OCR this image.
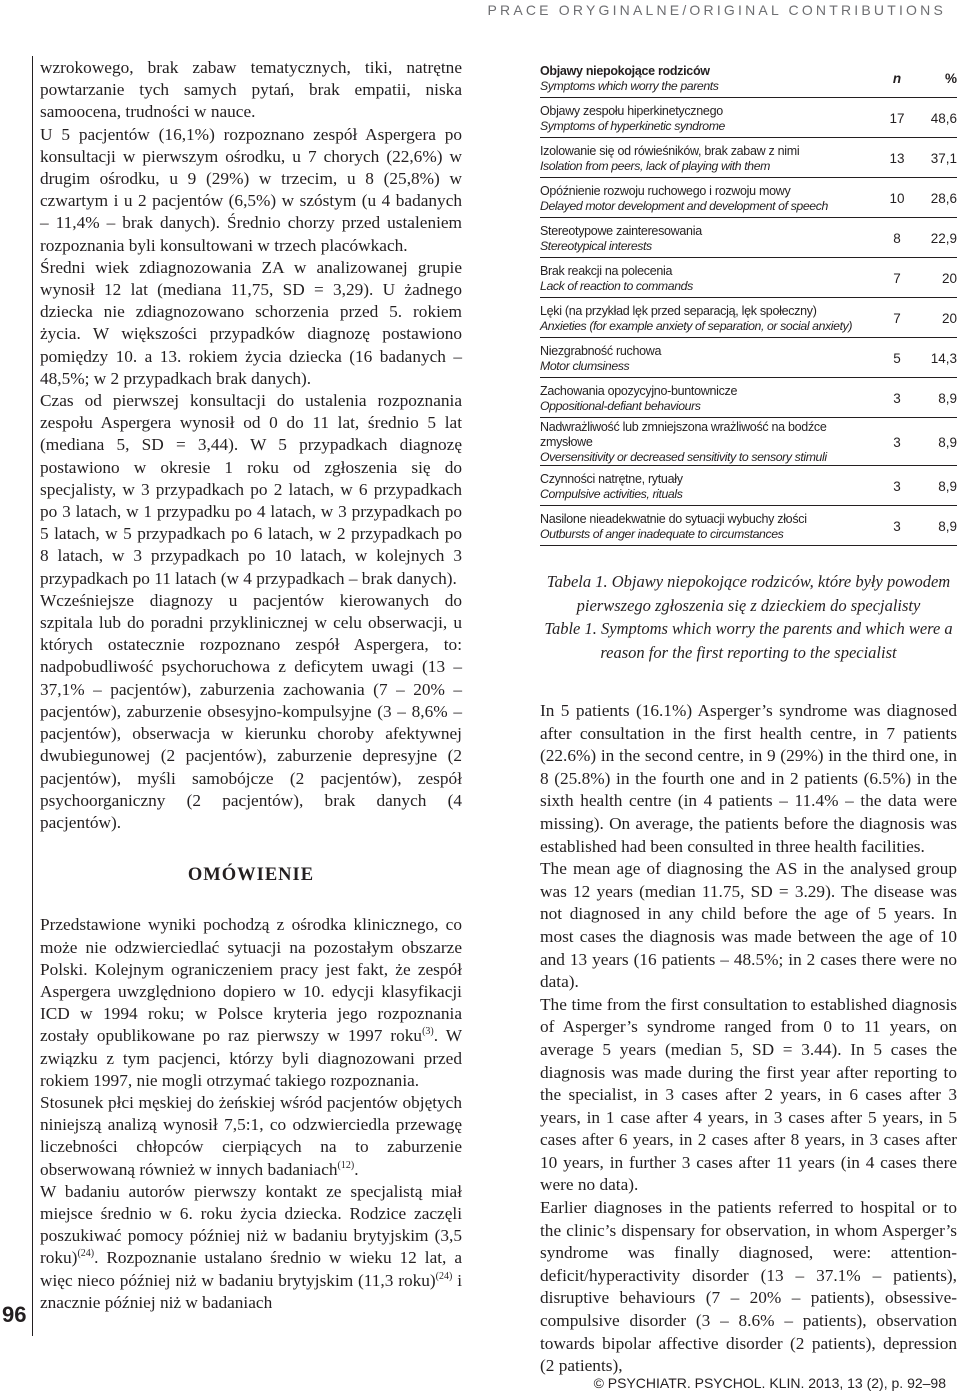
PRACE ORYGINALNE/ORIGINAL CONTRIBUTIONS
96

wzrokowego, brak zabaw tematycznych, tiki, natrętne powtarzanie tych samych pytań, brak empatii, niska samoocena, trudności w nauce.

U 5 pacjentów (16,1%) rozpoznano zespół Aspergera po konsultacji w pierwszym ośrodku, u 7 chorych (22,6%) w drugim ośrodku, u 9 (29%) w trzecim, u 8 (25,8%) w czwartym i u 2 pacjentów (6,5%) w szóstym (u 4 badanych – 11,4% – brak danych). Średnio chorzy przed ustaleniem rozpoznania byli konsultowani w trzech placówkach.

Średni wiek zdiagnozowania ZA w analizowanej grupie wynosił 12 lat (mediana 11,75, SD = 3,29). U żadnego dziecka nie zdiagnozowano schorzenia przed 5. rokiem życia. W większości przypadków diagnozę postawiono pomiędzy 10. a 13. rokiem życia dziecka (16 badanych – 48,5%; w 2 przypadkach brak danych).

Czas od pierwszej konsultacji do ustalenia rozpoznania zespołu Aspergera wynosił od 0 do 11 lat, średnio 5 lat (mediana 5, SD = 3,44). W 5 przypadkach diagnozę postawiono w okresie 1 roku od zgłoszenia się do specjalisty, w 3 przypadkach po 2 latach, w 6 przypadkach po 3 latach, w 1 przypadku po 4 latach, w 3 przypadkach po 5 latach, w 5 przypadkach po 6 latach, w 2 przypadkach po 8 latach, w 3 przypadkach po 10 latach, w kolejnych 3 przypadkach po 11 latach (w 4 przypadkach – brak danych).

Wcześniejsze diagnozy u pacjentów kierowanych do szpitala lub do poradni przyklinicznej w celu obserwacji, u których ostatecznie rozpoznano zespół Aspergera, to: nadpobudliwość psychoruchowa z deficytem uwagi (13 – 37,1% – pacjentów), zaburzenia zachowania (7 – 20% – pacjentów), zaburzenie obsesyjno-kompulsyjne (3 – 8,6% – pacjentów), obserwacja w kierunku choroby afektywnej dwubiegunowej (2 pacjentów), zaburzenie depresyjne (2 pacjentów), myśli samobójcze (2 pacjentów), zespół psychoorganiczny (2 pacjentów), brak danych (4 pacjentów).

OMÓWIENIE

Przedstawione wyniki pochodzą z ośrodka klinicznego, co może nie odzwierciedlać sytuacji na pozostałym obszarze Polski. Kolejnym ograniczeniem pracy jest fakt, że zespół Aspergera uwzględniono dopiero w 10. edycji klasyfikacji ICD w 1994 roku; w Polsce kryteria jego rozpoznania zostały opublikowane po raz pierwszy w 1997 roku$^{(3)}$. W związku z tym pacjenci, którzy byli diagnozowani przed rokiem 1997, nie mogli otrzymać takiego rozpoznania.

Stosunek płci męskiej do żeńskiej wśród pacjentów objętych niniejszą analizą wynosił 7,5:1, co odzwierciedla przewagę liczebności chłopców cierpiących na to zaburzenie obserwowaną również w innych badaniach$^{(12)}$.

W badaniu autorów pierwszy kontakt ze specjalistą miał miejsce średnio w 6. roku życia dziecka. Rodzice zaczęli poszukiwać pomocy później niż w badaniu brytyjskim (3,5 roku)$^{(24)}$. Rozpoznanie ustalano średnio w wieku 12 lat, a więc nieco później niż w badaniu brytyjskim (11,3 roku)$^{(24)}$ i znacznie później niż w badaniach

Objawy niepokojące rodziców
Symptoms which worry the parents	n	%
Objawy zespołu hiperkinetycznego
Symptoms of hyperkinetic syndrome	17	48,6
Izolowanie się od rówieśników, brak zabaw z nimi
Isolation from peers, lack of playing with them	13	37,1
Opóźnienie rozwoju ruchowego i rozwoju mowy
Delayed motor development and development of speech	10	28,6
Stereotypowe zainteresowania
Stereotypical interests	8	22,9
Brak reakcji na polecenia
Lack of reaction to commands	7	20
Lęki (na przykład lęk przed separacją, lęk społeczny)
Anxieties (for example anxiety of separation, or social anxiety)	7	20
Niezgrabność ruchowa
Motor clumsiness	5	14,3
Zachowania opozycyjno-buntownicze
Oppositional-defiant behaviours	3	8,9
Nadwrażliwość lub zmniejszona wrażliwość na bodźce zmysłowe
Oversensitivity or decreased sensitivity to sensory stimuli
3	8,9
Czynności natrętne, rytuały
Compulsive activities, rituals	3	8,9
Nasilone nieadekwatnie do sytuacji wybuchy złości
Outbursts of anger inadequate to circumstances	3	8,9
Tabela 1. Objawy niepokojące rodziców, które były powodem pierwszego zgłoszenia się z dzieckiem do specjalisty
Table 1. Symptoms which worry the parents and which were a reason for the first reporting to the specialist

In 5 patients (16.1%) Asperger’s syndrome was diagnosed after consultation in the first health centre, in 7 patients (22.6%) in the second centre, in 9 (29%) in the third one, in 8 (25.8%) in the fourth one and in 2 patients (6.5%) in the sixth health centre (in 4 patients – 11.4% – the data were missing). On average, the patients before the diagnosis was established had been consulted in three health facilities.

The mean age of diagnosing the AS in the analysed group was 12 years (median 11.75, SD = 3.29). The disease was not diagnosed in any child before the age of 5 years. In most cases the diagnosis was made between the age of 10 and 13 years (16 patients – 48.5%; in 2 cases there were no data).

The time from the first consultation to established diagnosis of Asperger’s syndrome ranged from 0 to 11 years, on average 5 years (median 5, SD = 3.44). In 5 cases the diagnosis was made during the first year after reporting to the specialist, in 3 cases after 2 years, in 6 cases after 3 years, in 1 case after 4 years, in 3 cases after 5 years, in 5 cases after 6 years, in 2 cases after 8 years, in 3 cases after 10 years, in further 3 cases after 11 years (in 4 cases there were no data).

Earlier diagnoses in the patients referred to hospital or to the clinic’s dispensary for observation, in whom Asperger’s syndrome was finally diagnosed, were: attention-deficit/hyperactivity disorder (13 – 37.1% – patients), disruptive behaviours (7 – 20% – patients), obsessive-compulsive disorder (3 – 8.6% – patients), observation towards bipolar affective disorder (2 patients), depression (2 patients),

© PSYCHIATR. PSYCHOL. KLIN. 2013, 13 (2), p. 92–98
